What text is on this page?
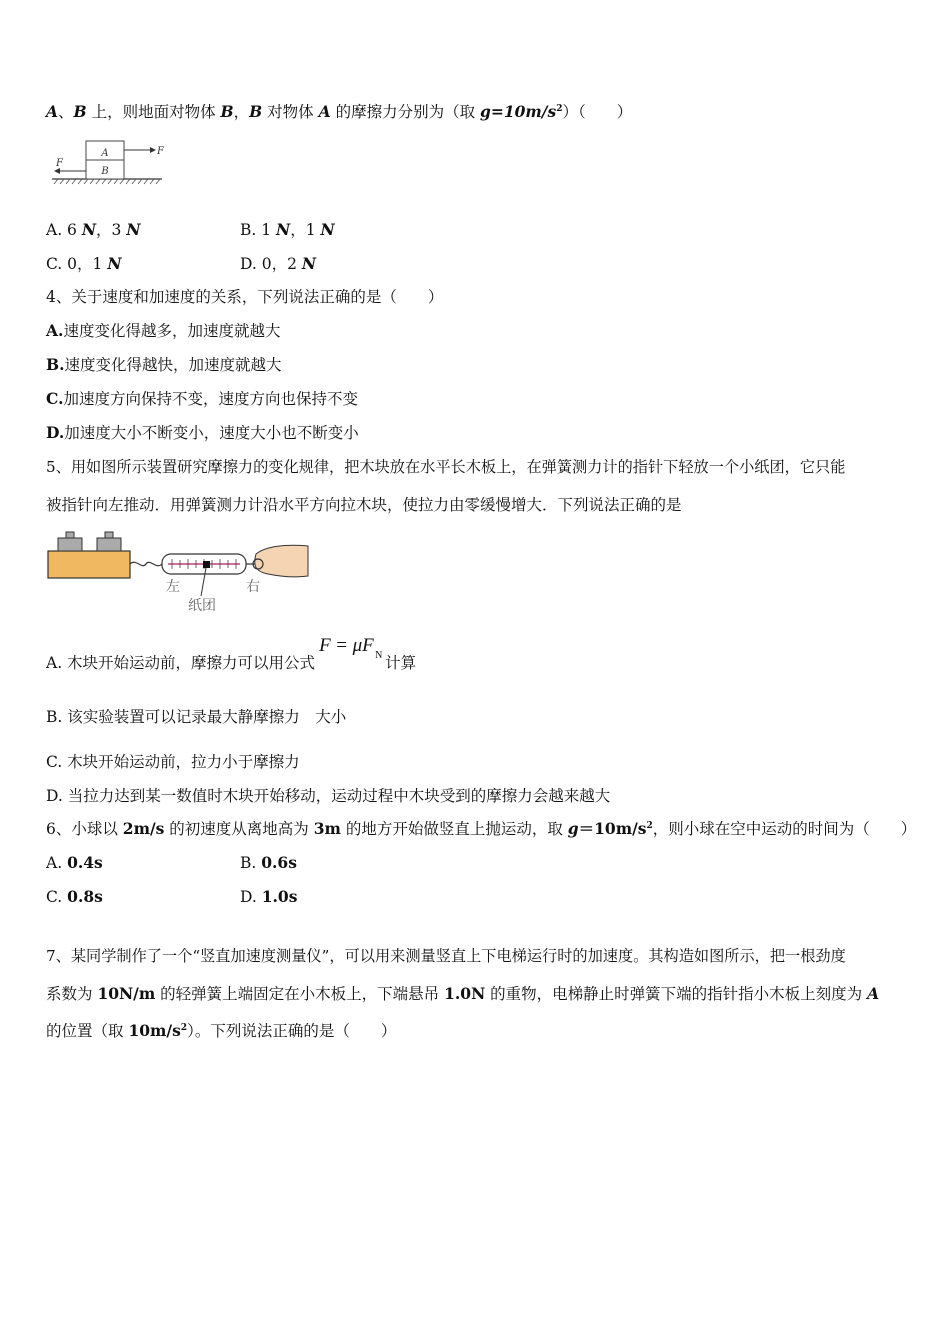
A、B 上，则地面对物体 B，B 对物体 A 的摩擦力分别为（取 $g=10m/s^2$）（　　）
A
B
F
F
A. 6 N，3 N	B. 1 N，1 N
C. 0，1 N	D. 0，2 N
4、关于速度和加速度的关系，下列说法正确的是（　　）
A.速度变化得越多，加速度就越大
B.速度变化得越快，加速度就越大
C.加速度方向保持不变，速度方向也保持不变
D.加速度大小不断变小，速度大小也不断变小
5、用如图所示装置研究摩擦力的变化规律，把木块放在水平长木板上，在弹簧测力计的指针下轻放一个小纸团，它只能
被指针向左推动．用弹簧测力计沿水平方向拉木块，使拉力由零缓慢增大．下列说法正确的是
左	右
纸团
A. 木块开始运动前，摩擦力可以用公式
F = μF N 计算
B. 该实验装置可以记录最大静摩擦力　大小
C. 木块开始运动前，拉力小于摩擦力
D. 当拉力达到某一数值时木块开始移动，运动过程中木块受到的摩擦力会越来越大
6、小球以 2m/s 的初速度从离地高为 3m 的地方开始做竖直上抛运动，取 $g=10m/s^2$，则小球在空中运动的时间为（　　）
A. 0.4s	B. 0.6s
C. 0.8s	D. 1.0s
7、某同学制作了一个“竖直加速度测量仪”，可以用来测量竖直上下电梯运行时的加速度。其构造如图所示，把一根劲度
系数为 10N/m 的轻弹簧上端固定在小木板上，下端悬吊 1.0N 的重物，电梯静止时弹簧下端的指针指小木板上刻度为 A
的位置（取 $10m/s^2$）。下列说法正确的是（　　）
